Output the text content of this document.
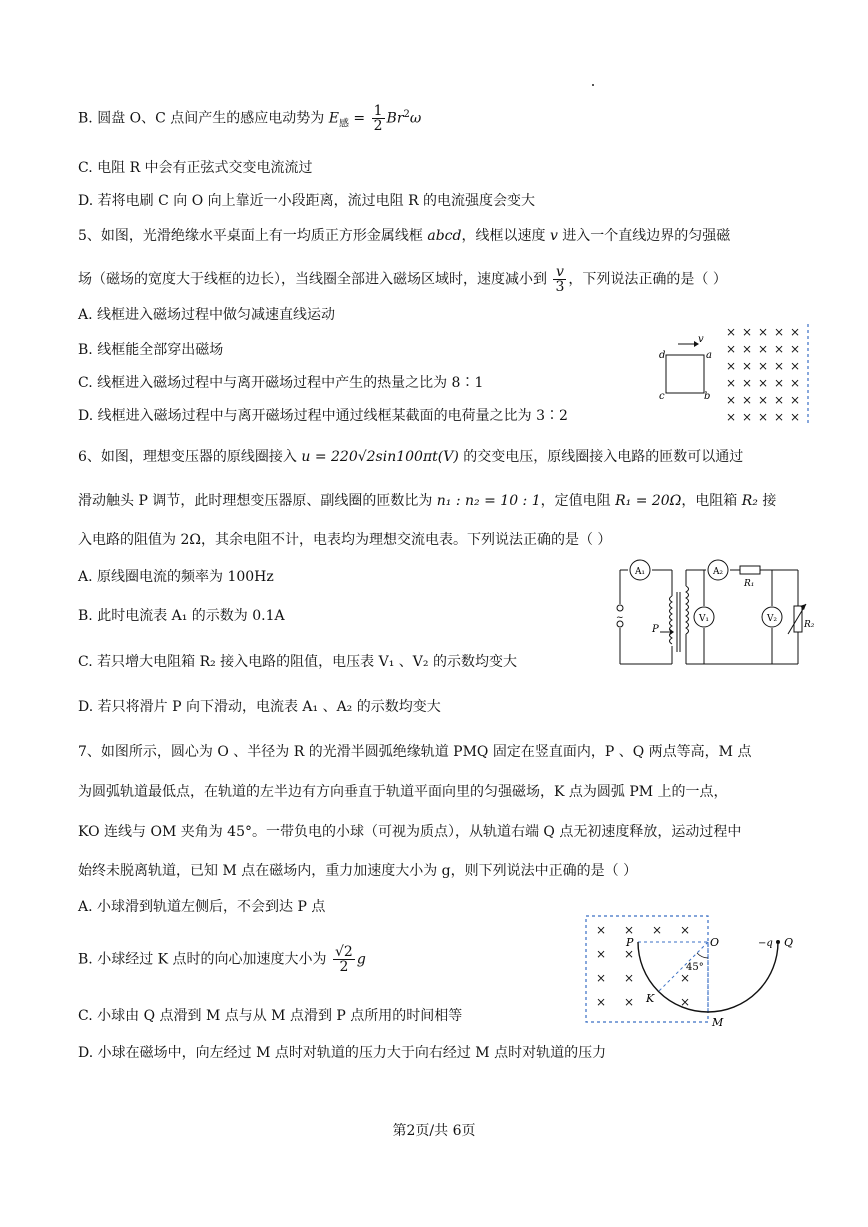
B. 圆盘 O、C 点间产生的感应电动势为 $E_感 = \frac{1}{2} Br^2\omega$
C. 电阻 R 中会有正弦式交变电流流过
D. 若将电刷 C 向 O 向上靠近一小段距离，流过电阻 R 的电流强度会变大
5、如图，光滑绝缘水平桌面上有一均质正方形金属线框 abcd，线框以速度 v 进入一个直线边界的匀强磁
场（磁场的宽度大于线框的边长），当线圈全部进入磁场区域时，速度减小到 $\frac{v}{3}$ ，下列说法正确的是（ ）
A. 线框进入磁场过程中做匀减速直线运动
B. 线框能全部穿出磁场
C. 线框进入磁场过程中与离开磁场过程中产生的热量之比为 8∶1
D. 线框进入磁场过程中与离开磁场过程中通过线框某截面的电荷量之比为 3∶2
v
d	a
c	b
× × × × ×
× × × × ×
× × × × ×
× × × × ×
× × × × ×
× × × × ×
6、如图，理想变压器的原线圈接入 u = 220√2sin100πt(V) 的交变电压，原线圈接入电路的匝数可以通过
滑动触头 P 调节，此时理想变压器原、副线圈的匝数比为 n₁ : n₂ = 10 : 1，定值电阻 R₁ = 20Ω，电阻箱 R₂ 接
入电路的阻值为 2Ω，其余电阻不计，电表均为理想交流电表。下列说法正确的是（ ）
A. 原线圈电流的频率为 100Hz
B. 此时电流表 A₁ 的示数为 0.1A
C. 若只增大电阻箱 R₂ 接入电路的阻值，电压表 V₁ 、V₂ 的示数均变大
D. 若只将滑片 P 向下滑动，电流表 A₁ 、A₂ 的示数均变大
A₁	A₂
V₁	V₂
R₁
R₂
P
~
7、如图所示，圆心为 O 、半径为 R 的光滑半圆弧绝缘轨道 PMQ 固定在竖直面内，P 、Q 两点等高，M 点
为圆弧轨道最低点，在轨道的左半边有方向垂直于轨道平面向里的匀强磁场，K 点为圆弧 PM 上的一点，
KO 连线与 OM 夹角为 45°。一带负电的小球（可视为质点），从轨道右端 Q 点无初速度释放，运动过程中
始终未脱离轨道，已知 M 点在磁场内，重力加速度大小为 g，则下列说法中正确的是（ ）
A. 小球滑到轨道左侧后，不会到达 P 点
B. 小球经过 K 点时的向心加速度大小为 $\frac{√2}{2}$ g
C. 小球由 Q 点滑到 M 点与从 M 点滑到 P 点所用的时间相等
D. 小球在磁场中，向左经过 M 点时对轨道的压力大于向右经过 M 点时对轨道的压力
× × × ×
× ×
× ×	×
× ×	×
P	O	−q Q
K
M
45°
第2页/共 6页
